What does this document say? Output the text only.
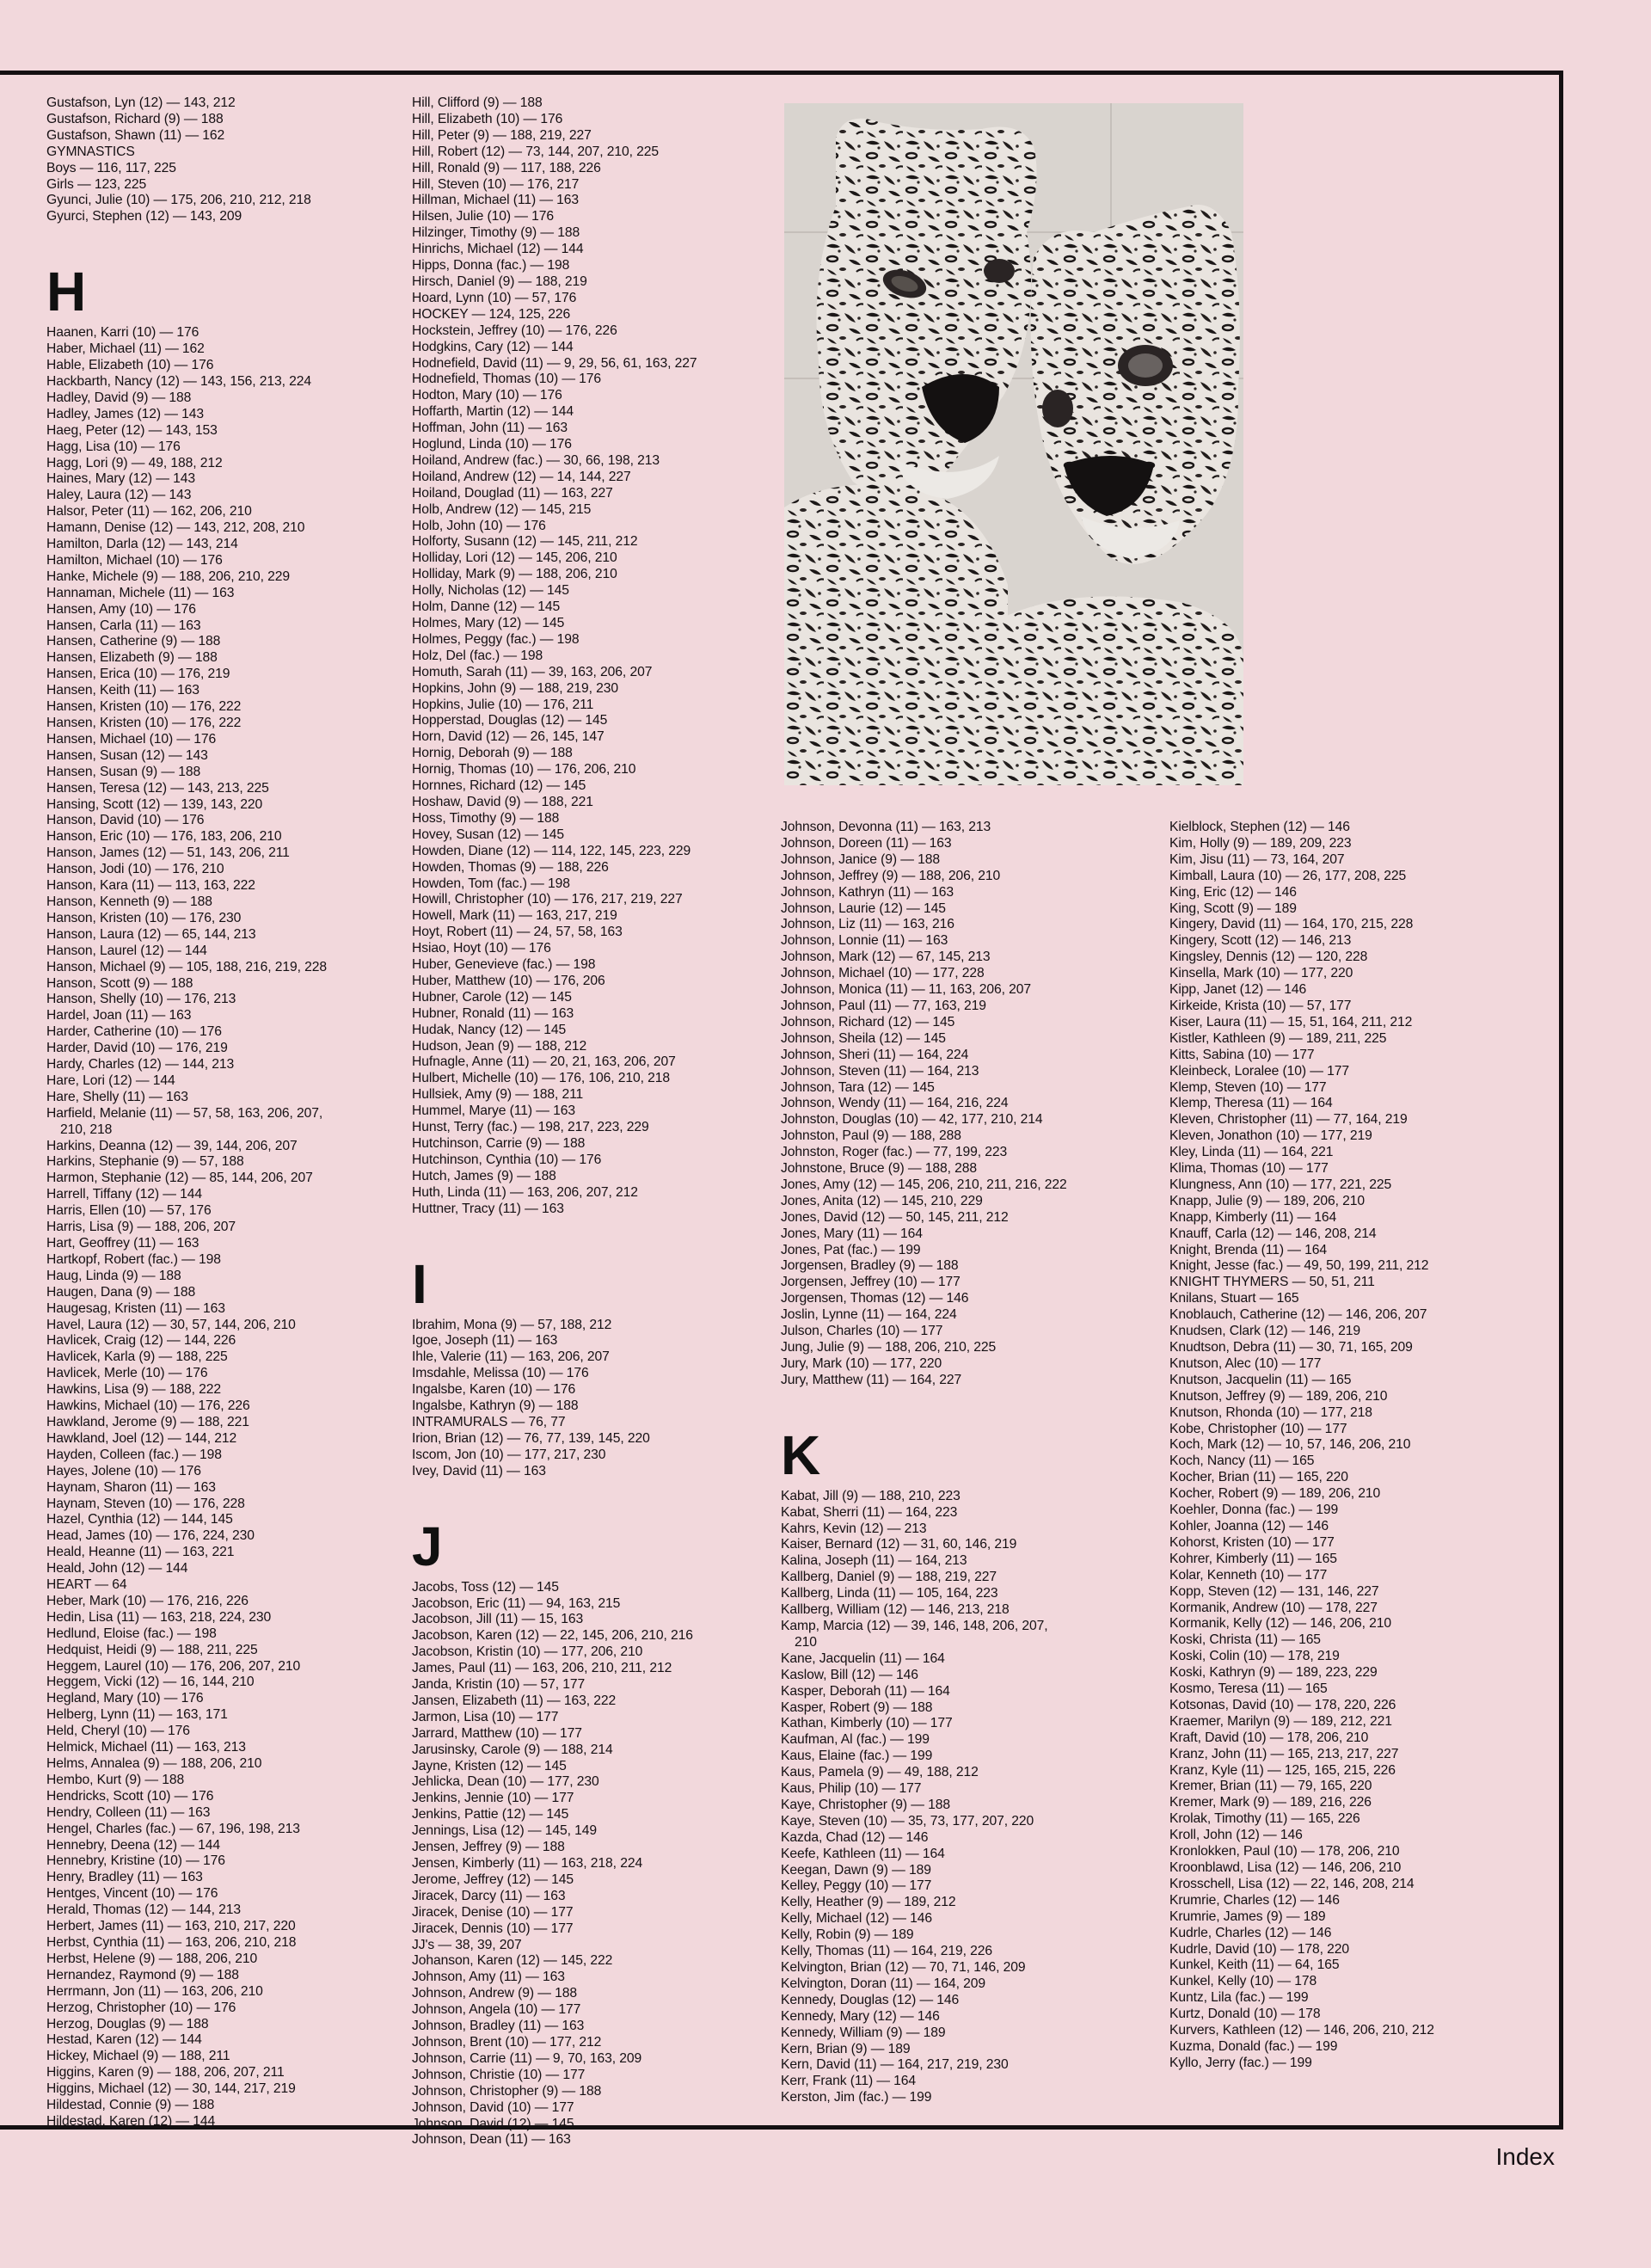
Gustafson, Lyn (12) — 143, 212
Gustafson, Richard (9) — 188
Gustafson, Shawn (11) — 162
GYMNASTICS
Boys — 116, 117, 225
Girls — 123, 225
Gyunci, Julie (10) — 175, 206, 210, 212, 218
Gyurci, Stephen (12) — 143, 209
H
Haanen, Karri (10) — 176
Haber, Michael (11) — 162
Hable, Elizabeth (10) — 176
Hackbarth, Nancy (12) — 143, 156, 213, 224
Hadley, David (9) — 188
Hadley, James (12) — 143
Haeg, Peter (12) — 143, 153
Hagg, Lisa (10) — 176
Hagg, Lori (9) — 49, 188, 212
Haines, Mary (12) — 143
Haley, Laura (12) — 143
Halsor, Peter (11) — 162, 206, 210
Hamann, Denise (12) — 143, 212, 208, 210
Hamilton, Darla (12) — 143, 214
Hamilton, Michael (10) — 176
Hanke, Michele (9) — 188, 206, 210, 229
Hannaman, Michele (11) — 163
Hansen, Amy (10) — 176
Hansen, Carla (11) — 163
Hansen, Catherine (9) — 188
Hansen, Elizabeth (9) — 188
Hansen, Erica (10) — 176, 219
Hansen, Keith (11) — 163
Hansen, Kristen (10) — 176, 222
Hansen, Kristen (10) — 176, 222
Hansen, Michael (10) — 176
Hansen, Susan (12) — 143
Hansen, Susan (9) — 188
Hansen, Teresa (12) — 143, 213, 225
Hansing, Scott (12) — 139, 143, 220
Hanson, David (10) — 176
Hanson, Eric (10) — 176, 183, 206, 210
Hanson, James (12) — 51, 143, 206, 211
Hanson, Jodi (10) — 176, 210
Hanson, Kara (11) — 113, 163, 222
Hanson, Kenneth (9) — 188
Hanson, Kristen (10) — 176, 230
Hanson, Laura (12) — 65, 144, 213
Hanson, Laurel (12) — 144
Hanson, Michael (9) — 105, 188, 216, 219, 228
Hanson, Scott (9) — 188
Hanson, Shelly (10) — 176, 213
Hardel, Joan (11) — 163
Harder, Catherine (10) — 176
Harder, David (10) — 176, 219
Hardy, Charles (12) — 144, 213
Hare, Lori (12) — 144
Hare, Shelly (11) — 163
Harfield, Melanie (11) — 57, 58, 163, 206, 207,
210, 218
Harkins, Deanna (12) — 39, 144, 206, 207
Harkins, Stephanie (9) — 57, 188
Harmon, Stephanie (12) — 85, 144, 206, 207
Harrell, Tiffany (12) — 144
Harris, Ellen (10) — 57, 176
Harris, Lisa (9) — 188, 206, 207
Hart, Geoffrey (11) — 163
Hartkopf, Robert (fac.) — 198
Haug, Linda (9) — 188
Haugen, Dana (9) — 188
Haugesag, Kristen (11) — 163
Havel, Laura (12) — 30, 57, 144, 206, 210
Havlicek, Craig (12) — 144, 226
Havlicek, Karla (9) — 188, 225
Havlicek, Merle (10) — 176
Hawkins, Lisa (9) — 188, 222
Hawkins, Michael (10) — 176, 226
Hawkland, Jerome (9) — 188, 221
Hawkland, Joel (12) — 144, 212
Hayden, Colleen (fac.) — 198
Hayes, Jolene (10) — 176
Haynam, Sharon (11) — 163
Haynam, Steven (10) — 176, 228
Hazel, Cynthia (12) — 144, 145
Head, James (10) — 176, 224, 230
Heald, Heanne (11) — 163, 221
Heald, John (12) — 144
HEART — 64
Heber, Mark (10) — 176, 216, 226
Hedin, Lisa (11) — 163, 218, 224, 230
Hedlund, Eloise (fac.) — 198
Hedquist, Heidi (9) — 188, 211, 225
Heggem, Laurel (10) — 176, 206, 207, 210
Heggem, Vicki (12) — 16, 144, 210
Hegland, Mary (10) — 176
Helberg, Lynn (11) — 163, 171
Held, Cheryl (10) — 176
Helmick, Michael (11) — 163, 213
Helms, Annalea (9) — 188, 206, 210
Hembo, Kurt (9) — 188
Hendricks, Scott (10) — 176
Hendry, Colleen (11) — 163
Hengel, Charles (fac.) — 67, 196, 198, 213
Hennebry, Deena (12) — 144
Hennebry, Kristine (10) — 176
Henry, Bradley (11) — 163
Hentges, Vincent (10) — 176
Herald, Thomas (12) — 144, 213
Herbert, James (11) — 163, 210, 217, 220
Herbst, Cynthia (11) — 163, 206, 210, 218
Herbst, Helene (9) — 188, 206, 210
Hernandez, Raymond (9) — 188
Herrmann, Jon (11) — 163, 206, 210
Herzog, Christopher (10) — 176
Herzog, Douglas (9) — 188
Hestad, Karen (12) — 144
Hickey, Michael (9) — 188, 211
Higgins, Karen (9) — 188, 206, 207, 211
Higgins, Michael (12) — 30, 144, 217, 219
Hildestad, Connie (9) — 188
Hildestad, Karen (12) — 144
Hill, Clifford (9) — 188
Hill, Elizabeth (10) — 176
Hill, Peter (9) — 188, 219, 227
Hill, Robert (12) — 73, 144, 207, 210, 225
Hill, Ronald (9) — 117, 188, 226
Hill, Steven (10) — 176, 217
Hillman, Michael (11) — 163
Hilsen, Julie (10) — 176
Hilzinger, Timothy (9) — 188
Hinrichs, Michael (12) — 144
Hipps, Donna (fac.) — 198
Hirsch, Daniel (9) — 188, 219
Hoard, Lynn (10) — 57, 176
HOCKEY — 124, 125, 226
Hockstein, Jeffrey (10) — 176, 226
Hodgkins, Cary (12) — 144
Hodnefield, David (11) — 9, 29, 56, 61, 163, 227
Hodnefield, Thomas (10) — 176
Hodton, Mary (10) — 176
Hoffarth, Martin (12) — 144
Hoffman, John (11) — 163
Hoglund, Linda (10) — 176
Hoiland, Andrew (fac.) — 30, 66, 198, 213
Hoiland, Andrew (12) — 14, 144, 227
Hoiland, Douglad (11) — 163, 227
Holb, Andrew (12) — 145, 215
Holb, John (10) — 176
Holforty, Susann (12) — 145, 211, 212
Holliday, Lori (12) — 145, 206, 210
Holliday, Mark (9) — 188, 206, 210
Holly, Nicholas (12) — 145
Holm, Danne (12) — 145
Holmes, Mary (12) — 145
Holmes, Peggy (fac.) — 198
Holz, Del (fac.) — 198
Homuth, Sarah (11) — 39, 163, 206, 207
Hopkins, John (9) — 188, 219, 230
Hopkins, Julie (10) — 176, 211
Hopperstad, Douglas (12) — 145
Horn, David (12) — 26, 145, 147
Hornig, Deborah (9) — 188
Hornig, Thomas (10) — 176, 206, 210
Hornnes, Richard (12) — 145
Hoshaw, David (9) — 188, 221
Hoss, Timothy (9) — 188
Hovey, Susan (12) — 145
Howden, Diane (12) — 114, 122, 145, 223, 229
Howden, Thomas (9) — 188, 226
Howden, Tom (fac.) — 198
Howill, Christopher (10) — 176, 217, 219, 227
Howell, Mark (11) — 163, 217, 219
Hoyt, Robert (11) — 24, 57, 58, 163
Hsiao, Hoyt (10) — 176
Huber, Genevieve (fac.) — 198
Huber, Matthew (10) — 176, 206
Hubner, Carole (12) — 145
Hubner, Ronald (11) — 163
Hudak, Nancy (12) — 145
Hudson, Jean (9) — 188, 212
Hufnagle, Anne (11) — 20, 21, 163, 206, 207
Hulbert, Michelle (10) — 176, 106, 210, 218
Hullsiek, Amy (9) — 188, 211
Hummel, Marye (11) — 163
Hunst, Terry (fac.) — 198, 217, 223, 229
Hutchinson, Carrie (9) — 188
Hutchinson, Cynthia (10) — 176
Hutch, James (9) — 188
Huth, Linda (11) — 163, 206, 207, 212
Huttner, Tracy (11) — 163
I
Ibrahim, Mona (9) — 57, 188, 212
Igoe, Joseph (11) — 163
Ihle, Valerie (11) — 163, 206, 207
Imsdahle, Melissa (10) — 176
Ingalsbe, Karen (10) — 176
Ingalsbe, Kathryn (9) — 188
INTRAMURALS — 76, 77
Irion, Brian (12) — 76, 77, 139, 145, 220
Iscom, Jon (10) — 177, 217, 230
Ivey, David (11) — 163
J
Jacobs, Toss (12) — 145
Jacobson, Eric (11) — 94, 163, 215
Jacobson, Jill (11) — 15, 163
Jacobson, Karen (12) — 22, 145, 206, 210, 216
Jacobson, Kristin (10) — 177, 206, 210
James, Paul (11) — 163, 206, 210, 211, 212
Janda, Kristin (10) — 57, 177
Jansen, Elizabeth (11) — 163, 222
Jarmon, Lisa (10) — 177
Jarrard, Matthew (10) — 177
Jarusinsky, Carole (9) — 188, 214
Jayne, Kristen (12) — 145
Jehlicka, Dean (10) — 177, 230
Jenkins, Jennie (10) — 177
Jenkins, Pattie (12) — 145
Jennings, Lisa (12) — 145, 149
Jensen, Jeffrey (9) — 188
Jensen, Kimberly (11) — 163, 218, 224
Jerome, Jeffrey (12) — 145
Jiracek, Darcy (11) — 163
Jiracek, Denise (10) — 177
Jiracek, Dennis (10) — 177
JJ's — 38, 39, 207
Johanson, Karen (12) — 145, 222
Johnson, Amy (11) — 163
Johnson, Andrew (9) — 188
Johnson, Angela (10) — 177
Johnson, Bradley (11) — 163
Johnson, Brent (10) — 177, 212
Johnson, Carrie (11) — 9, 70, 163, 209
Johnson, Christie (10) — 177
Johnson, Christopher (9) — 188
Johnson, David (10) — 177
Johnson, David (12) — 145
Johnson, Dean (11) — 163
Johnson, Devonna (11) — 163, 213
Johnson, Doreen (11) — 163
Johnson, Janice (9) — 188
Johnson, Jeffrey (9) — 188, 206, 210
Johnson, Kathryn (11) — 163
Johnson, Laurie (12) — 145
Johnson, Liz (11) — 163, 216
Johnson, Lonnie (11) — 163
Johnson, Mark (12) — 67, 145, 213
Johnson, Michael (10) — 177, 228
Johnson, Monica (11) — 11, 163, 206, 207
Johnson, Paul (11) — 77, 163, 219
Johnson, Richard (12) — 145
Johnson, Sheila (12) — 145
Johnson, Sheri (11) — 164, 224
Johnson, Steven (11) — 164, 213
Johnson, Tara (12) — 145
Johnson, Wendy (11) — 164, 216, 224
Johnston, Douglas (10) — 42, 177, 210, 214
Johnston, Paul (9) — 188, 288
Johnston, Roger (fac.) — 77, 199, 223
Johnstone, Bruce (9) — 188, 288
Jones, Amy (12) — 145, 206, 210, 211, 216, 222
Jones, Anita (12) — 145, 210, 229
Jones, David (12) — 50, 145, 211, 212
Jones, Mary (11) — 164
Jones, Pat (fac.) — 199
Jorgensen, Bradley (9) — 188
Jorgensen, Jeffrey (10) — 177
Jorgensen, Thomas (12) — 146
Joslin, Lynne (11) — 164, 224
Julson, Charles (10) — 177
Jung, Julie (9) — 188, 206, 210, 225
Jury, Mark (10) — 177, 220
Jury, Matthew (11) — 164, 227
K
Kabat, Jill (9) — 188, 210, 223
Kabat, Sherri (11) — 164, 223
Kahrs, Kevin (12) — 213
Kaiser, Bernard (12) — 31, 60, 146, 219
Kalina, Joseph (11) — 164, 213
Kallberg, Daniel (9) — 188, 219, 227
Kallberg, Linda (11) — 105, 164, 223
Kallberg, William (12) — 146, 213, 218
Kamp, Marcia (12) — 39, 146, 148, 206, 207,
210
Kane, Jacquelin (11) — 164
Kaslow, Bill (12) — 146
Kasper, Deborah (11) — 164
Kasper, Robert (9) — 188
Kathan, Kimberly (10) — 177
Kaufman, Al (fac.) — 199
Kaus, Elaine (fac.) — 199
Kaus, Pamela (9) — 49, 188, 212
Kaus, Philip (10) — 177
Kaye, Christopher (9) — 188
Kaye, Steven (10) — 35, 73, 177, 207, 220
Kazda, Chad (12) — 146
Keefe, Kathleen (11) — 164
Keegan, Dawn (9) — 189
Kelley, Peggy (10) — 177
Kelly, Heather (9) — 189, 212
Kelly, Michael (12) — 146
Kelly, Robin (9) — 189
Kelly, Thomas (11) — 164, 219, 226
Kelvington, Brian (12) — 70, 71, 146, 209
Kelvington, Doran (11) — 164, 209
Kennedy, Douglas (12) — 146
Kennedy, Mary (12) — 146
Kennedy, William (9) — 189
Kern, Brian (9) — 189
Kern, David (11) — 164, 217, 219, 230
Kerr, Frank (11) — 164
Kerston, Jim (fac.) — 199
Kielblock, Stephen (12) — 146
Kim, Holly (9) — 189, 209, 223
Kim, Jisu (11) — 73, 164, 207
Kimball, Laura (10) — 26, 177, 208, 225
King, Eric (12) — 146
King, Scott (9) — 189
Kingery, David (11) — 164, 170, 215, 228
Kingery, Scott (12) — 146, 213
Kingsley, Dennis (12) — 120, 228
Kinsella, Mark (10) — 177, 220
Kipp, Janet (12) — 146
Kirkeide, Krista (10) — 57, 177
Kiser, Laura (11) — 15, 51, 164, 211, 212
Kistler, Kathleen (9) — 189, 211, 225
Kitts, Sabina (10) — 177
Kleinbeck, Loralee (10) — 177
Klemp, Steven (10) — 177
Klemp, Theresa (11) — 164
Kleven, Christopher (11) — 77, 164, 219
Kleven, Jonathon (10) — 177, 219
Kley, Linda (11) — 164, 221
Klima, Thomas (10) — 177
Klungness, Ann (10) — 177, 221, 225
Knapp, Julie (9) — 189, 206, 210
Knapp, Kimberly (11) — 164
Knauff, Carla (12) — 146, 208, 214
Knight, Brenda (11) — 164
Knight, Jesse (fac.) — 49, 50, 199, 211, 212
KNIGHT THYMERS — 50, 51, 211
Knilans, Stuart — 165
Knoblauch, Catherine (12) — 146, 206, 207
Knudsen, Clark (12) — 146, 219
Knudtson, Debra (11) — 30, 71, 165, 209
Knutson, Alec (10) — 177
Knutson, Jacquelin (11) — 165
Knutson, Jeffrey (9) — 189, 206, 210
Knutson, Rhonda (10) — 177, 218
Kobe, Christopher (10) — 177
Koch, Mark (12) — 10, 57, 146, 206, 210
Koch, Nancy (11) — 165
Kocher, Brian (11) — 165, 220
Kocher, Robert (9) — 189, 206, 210
Koehler, Donna (fac.) — 199
Kohler, Joanna (12) — 146
Kohorst, Kristen (10) — 177
Kohrer, Kimberly (11) — 165
Kolar, Kenneth (10) — 177
Kopp, Steven (12) — 131, 146, 227
Kormanik, Andrew (10) — 178, 227
Kormanik, Kelly (12) — 146, 206, 210
Koski, Christa (11) — 165
Koski, Colin (10) — 178, 219
Koski, Kathryn (9) — 189, 223, 229
Kosmo, Teresa (11) — 165
Kotsonas, David (10) — 178, 220, 226
Kraemer, Marilyn (9) — 189, 212, 221
Kraft, David (10) — 178, 206, 210
Kranz, John (11) — 165, 213, 217, 227
Kranz, Kyle (11) — 125, 165, 215, 226
Kremer, Brian (11) — 79, 165, 220
Kremer, Mark (9) — 189, 216, 226
Krolak, Timothy (11) — 165, 226
Kroll, John (12) — 146
Kronlokken, Paul (10) — 178, 206, 210
Kroonblawd, Lisa (12) — 146, 206, 210
Krosschell, Lisa (12) — 22, 146, 208, 214
Krumrie, Charles (12) — 146
Krumrie, James (9) — 189
Kudrle, Charles (12) — 146
Kudrle, David (10) — 178, 220
Kunkel, Keith (11) — 64, 165
Kunkel, Kelly (10) — 178
Kuntz, Lila (fac.) — 199
Kurtz, Donald (10) — 178
Kurvers, Kathleen (12) — 146, 206, 210, 212
Kuzma, Donald (fac.) — 199
Kyllo, Jerry (fac.) — 199
Index
